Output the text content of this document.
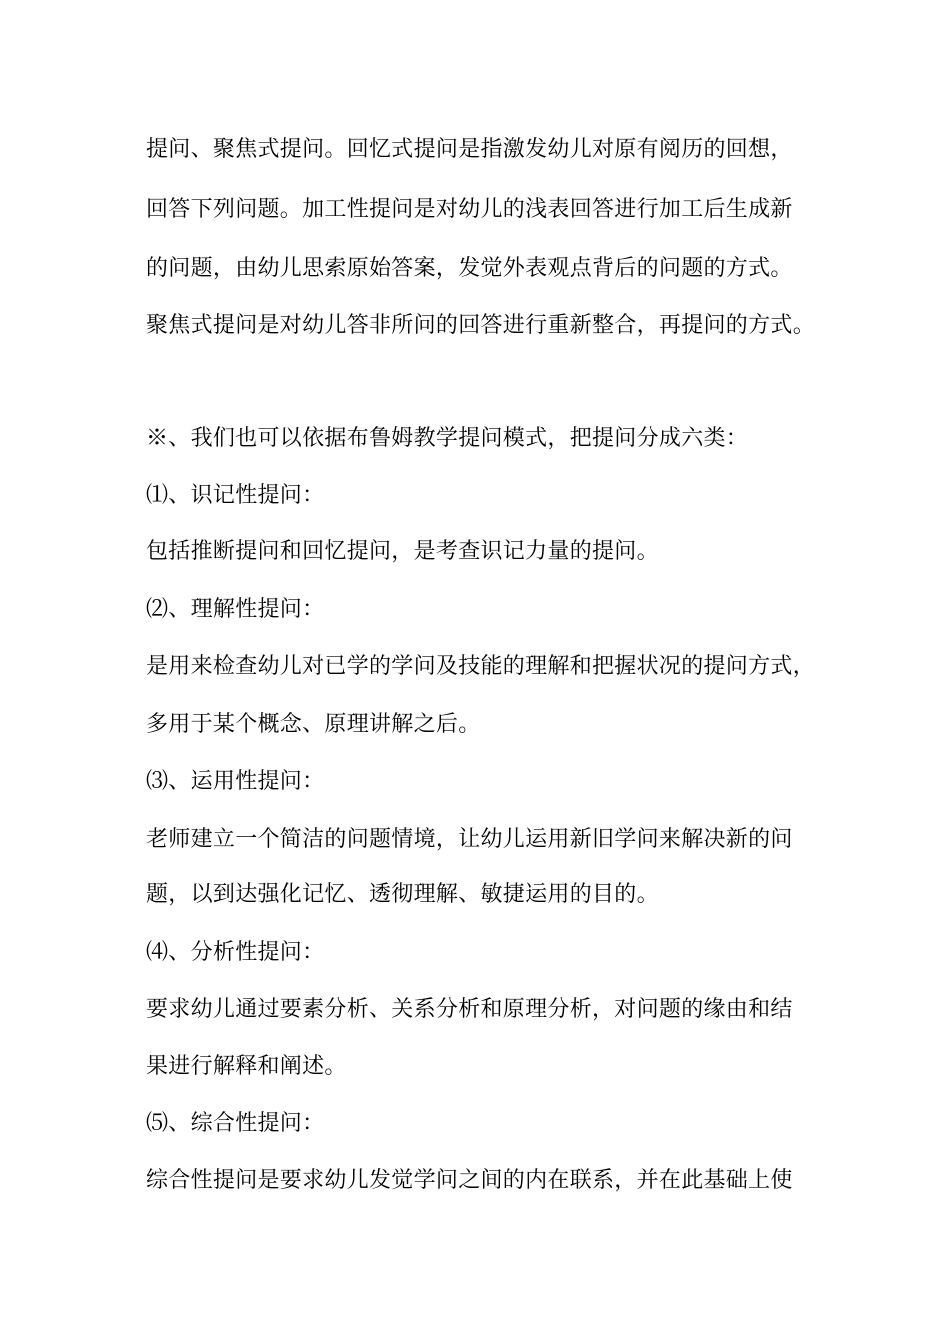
提问、聚焦式提问。回忆式提问是指激发幼儿对原有阅历的回想，
回答下列问题。加工性提问是对幼儿的浅表回答进行加工后生成新
的问题，由幼儿思索原始答案，发觉外表观点背后的问题的方式。
聚焦式提问是对幼儿答非所问的回答进行重新整合，再提问的方式。
※、我们也可以依据布鲁姆教学提问模式，把提问分成六类：
⑴、识记性提问：
包括推断提问和回忆提问，是考查识记力量的提问。
⑵、理解性提问：
是用来检查幼儿对已学的学问及技能的理解和把握状况的提问方式，
多用于某个概念、原理讲解之后。
⑶、运用性提问：
老师建立一个简洁的问题情境，让幼儿运用新旧学问来解决新的问
题，以到达强化记忆、透彻理解、敏捷运用的目的。
⑷、分析性提问：
要求幼儿通过要素分析、关系分析和原理分析，对问题的缘由和结
果进行解释和阐述。
⑸、综合性提问：
综合性提问是要求幼儿发觉学问之间的内在联系，并在此基础上使
